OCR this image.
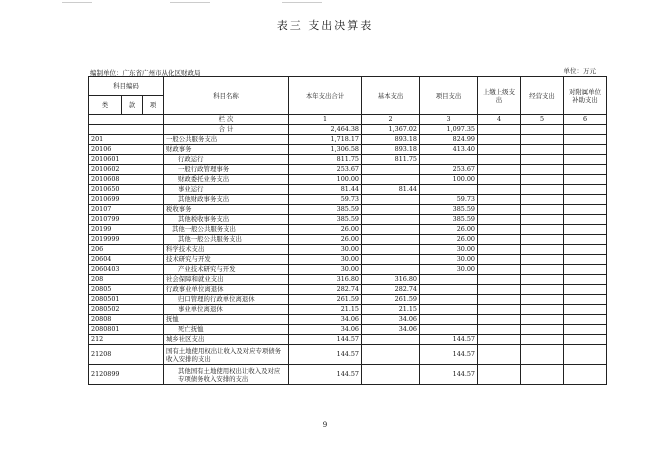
表三 支出决算表
编制单位：广东省广州市从化区财政局	单位：万元
科目编码			科目名称	本年支出合计	基本支出	项目支出	上缴上级支出	经营支出	对附属单位补助支出
类	款	项							
			栏 次	1	2	3	4	5	6
			合 计	2,464.38	1,367.02	1,097.35			
201			一般公共服务支出	1,718.17	893.18	824.99			
20106			财政事务	1,306.58	893.18	413.40			
2010601			行政运行	811.75	811.75				
2010602			一般行政管理事务	253.67		253.67			
2010608			财政委托业务支出	100.00		100.00			
2010650			事业运行	81.44	81.44				
2010699			其他财政事务支出	59.73		59.73			
20107			税收事务	385.59		385.59			
2010799			其他税收事务支出	385.59		385.59			
20199			其他一般公共服务支出	26.00		26.00			
2019999			其他一般公共服务支出	26.00		26.00			
206			科学技术支出	30.00		30.00			
20604			技术研究与开发	30.00		30.00			
2060403			产业技术研究与开发	30.00		30.00			
208			社会保障和就业支出	316.80	316.80				
20805			行政事业单位离退休	282.74	282.74				
2080501			归口管理的行政单位离退休	261.59	261.59				
2080502			事业单位离退休	21.15	21.15				
20808			抚恤	34.06	34.06				
2080801			死亡抚恤	34.06	34.06				
212			城乡社区支出	144.57		144.57			
21208			国有土地使用权出让收入及对应专项债务收入安排的支出	144.57		144.57			
2120899			其他国有土地使用权出让收入及对应专项债务收入安排的支出	144.57		144.57			
9
